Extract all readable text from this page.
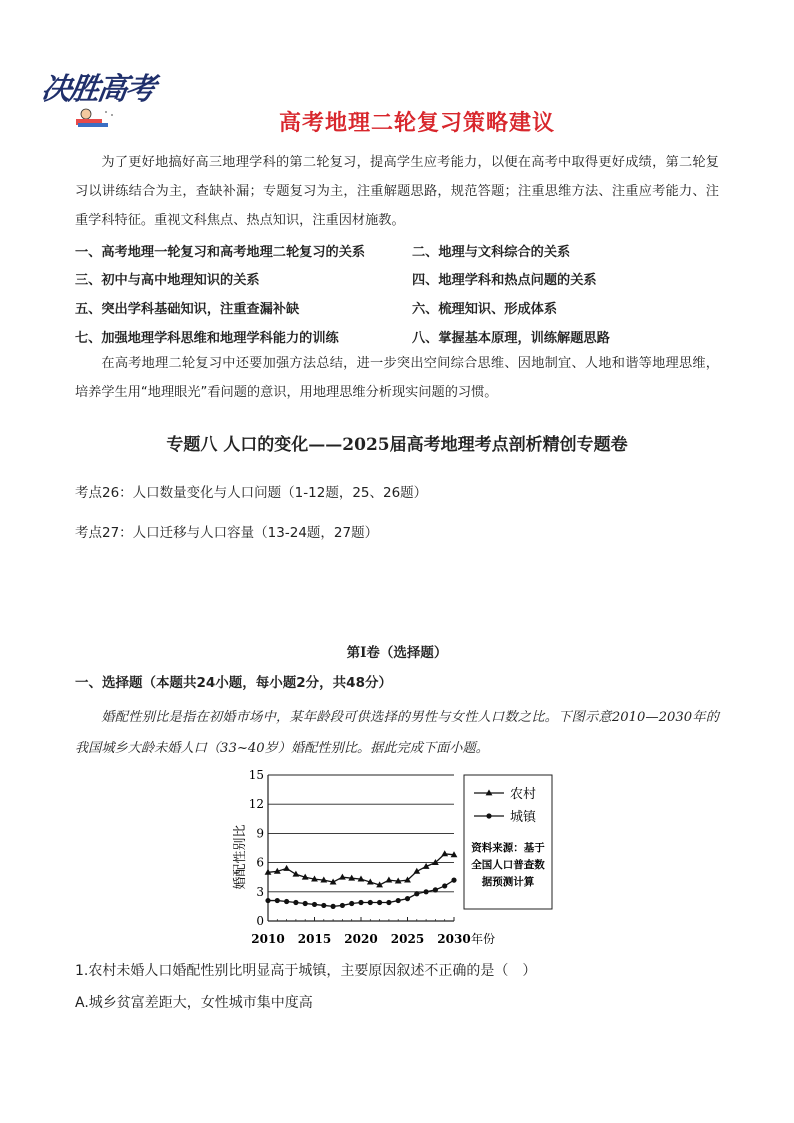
决胜高考
高考地理二轮复习策略建议
为了更好地搞好高三地理学科的第二轮复习，提高学生应考能力，以便在高考中取得更好成绩，第二轮复习以讲练结合为主，查缺补漏；专题复习为主，注重解题思路，规范答题；注重思维方法、注重应考能力、注重学科特征。重视文科焦点、热点知识，注重因材施教。
一、高考地理一轮复习和高考地理二轮复习的关系	二、地理与文科综合的关系
三、初中与高中地理知识的关系	四、地理学科和热点问题的关系
五、突出学科基础知识，注重查漏补缺	六、梳理知识、形成体系
七、加强地理学科思维和地理学科能力的训练	八、掌握基本原理，训练解题思路
在高考地理二轮复习中还要加强方法总结，进一步突出空间综合思维、因地制宜、人地和谐等地理思维，培养学生用“地理眼光”看问题的意识，用地理思维分析现实问题的习惯。
专题八 人口的变化——2025届高考地理考点剖析精创专题卷
考点26：人口数量变化与人口问题（1-12题，25、26题）
考点27：人口迁移与人口容量（13-24题，27题）
第Ⅰ卷（选择题）
一、选择题（本题共24小题，每小题2分，共48分）
婚配性别比是指在初婚市场中，某年龄段可供选择的男性与女性人口数之比。下图示意2010—2030年的我国城乡大龄未婚人口（33~40岁）婚配性别比。据此完成下面小题。
15
12
9
6
3
0
2010 2015 2020 2025 2030
婚配性别比
年份
农村
城镇
资料来源：基于
全国人口普查数
据预测计算
1.农村未婚人口婚配性别比明显高于城镇，主要原因叙述不正确的是（　）
A.城乡贫富差距大，女性城市集中度高
